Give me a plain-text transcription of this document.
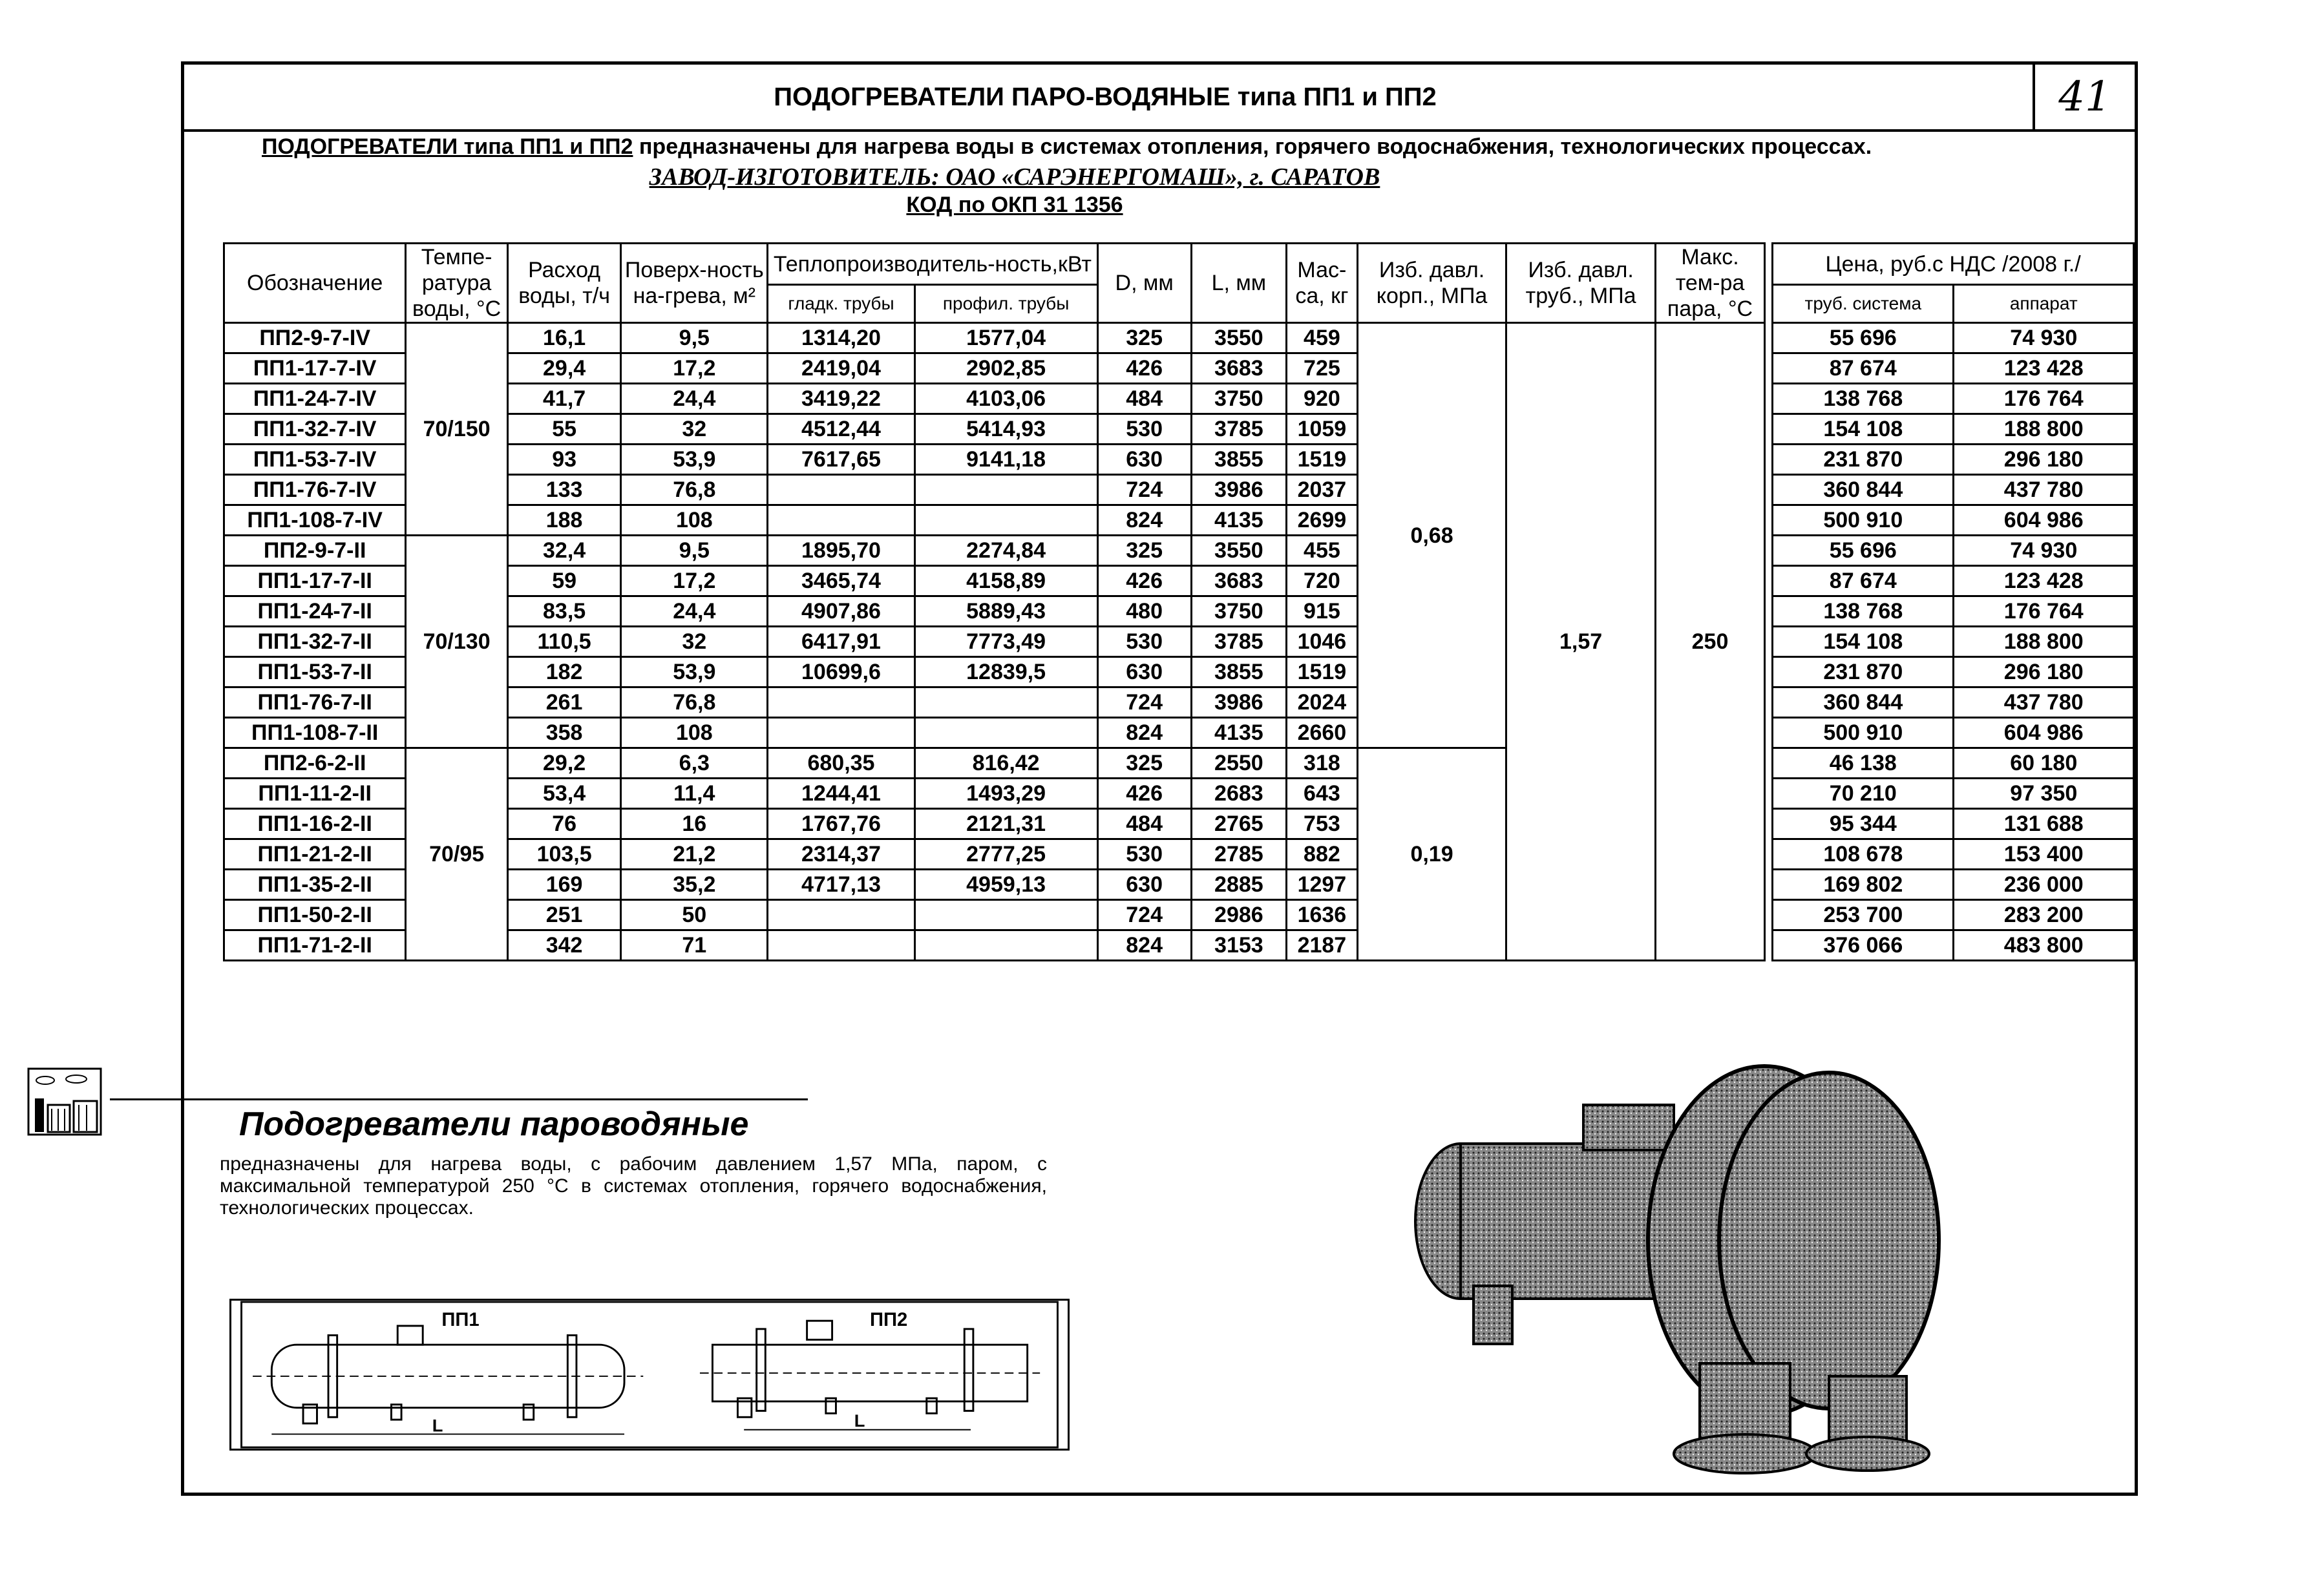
ПОДОГРЕВАТЕЛИ ПАРО-ВОДЯНЫЕ типа ПП1 и ПП2	41
ПОДОГРЕВАТЕЛИ типа ПП1 и ПП2 предназначены для нагрева воды в системах отопления, горячего водоснабжения, технологических процессах.
ЗАВОД-ИЗГОТОВИТЕЛЬ: ОАО «САРЭНЕРГОМАШ», г. САРАТОВ
КОД по ОКП 31 1356
Обозначение	Темпе-ратура воды, °С	Расход воды, т/ч	Поверх-ность на-грева, м²	Теплопроизводитель-ность,кВт		D, мм	L, мм	Мас-са, кг	Изб. давл. корп., МПа	Изб. давл. труб., МПа	Макс. тем-ра пара, °С		Цена, руб.с НДС /2008 г./	
				гладк. трубы	профил. трубы								труб. система	аппарат
ПП2-9-7-IV	70/150	16,1	9,5	1314,20	1577,04	325	3550	459	0,68	1,57	250		55 696	74 930
ПП1-17-7-IV		29,4	17,2	2419,04	2902,85	426	3683	725					87 674	123 428
ПП1-24-7-IV		41,7	24,4	3419,22	4103,06	484	3750	920					138 768	176 764
ПП1-32-7-IV		55	32	4512,44	5414,93	530	3785	1059					154 108	188 800
ПП1-53-7-IV		93	53,9	7617,65	9141,18	630	3855	1519					231 870	296 180
ПП1-76-7-IV		133	76,8			724	3986	2037					360 844	437 780
ПП1-108-7-IV		188	108			824	4135	2699					500 910	604 986
ПП2-9-7-II	70/130	32,4	9,5	1895,70	2274,84	325	3550	455					55 696	74 930
ПП1-17-7-II		59	17,2	3465,74	4158,89	426	3683	720					87 674	123 428
ПП1-24-7-II		83,5	24,4	4907,86	5889,43	480	3750	915					138 768	176 764
ПП1-32-7-II		110,5	32	6417,91	7773,49	530	3785	1046					154 108	188 800
ПП1-53-7-II		182	53,9	10699,6	12839,5	630	3855	1519					231 870	296 180
ПП1-76-7-II		261	76,8			724	3986	2024					360 844	437 780
ПП1-108-7-II		358	108			824	4135	2660					500 910	604 986
ПП2-6-2-II	70/95	29,2	6,3	680,35	816,42	325	2550	318	0,19				46 138	60 180
ПП1-11-2-II		53,4	11,4	1244,41	1493,29	426	2683	643					70 210	97 350
ПП1-16-2-II		76	16	1767,76	2121,31	484	2765	753					95 344	131 688
ПП1-21-2-II		103,5	21,2	2314,37	2777,25	530	2785	882					108 678	153 400
ПП1-35-2-II		169	35,2	4717,13	4959,13	630	2885	1297					169 802	236 000
ПП1-50-2-II		251	50			724	2986	1636					253 700	283 200
ПП1-71-2-II		342	71			824	3153	2187					376 066	483 800
Подогреватели пароводяные
предназначены для нагрева воды, с рабочим давлением 1,57 МПа, паром, с максимальной температурой 250 °С в системах отопления, горячего водоснабжения, технологических процессах.
ПП1
L
ПП2
L
